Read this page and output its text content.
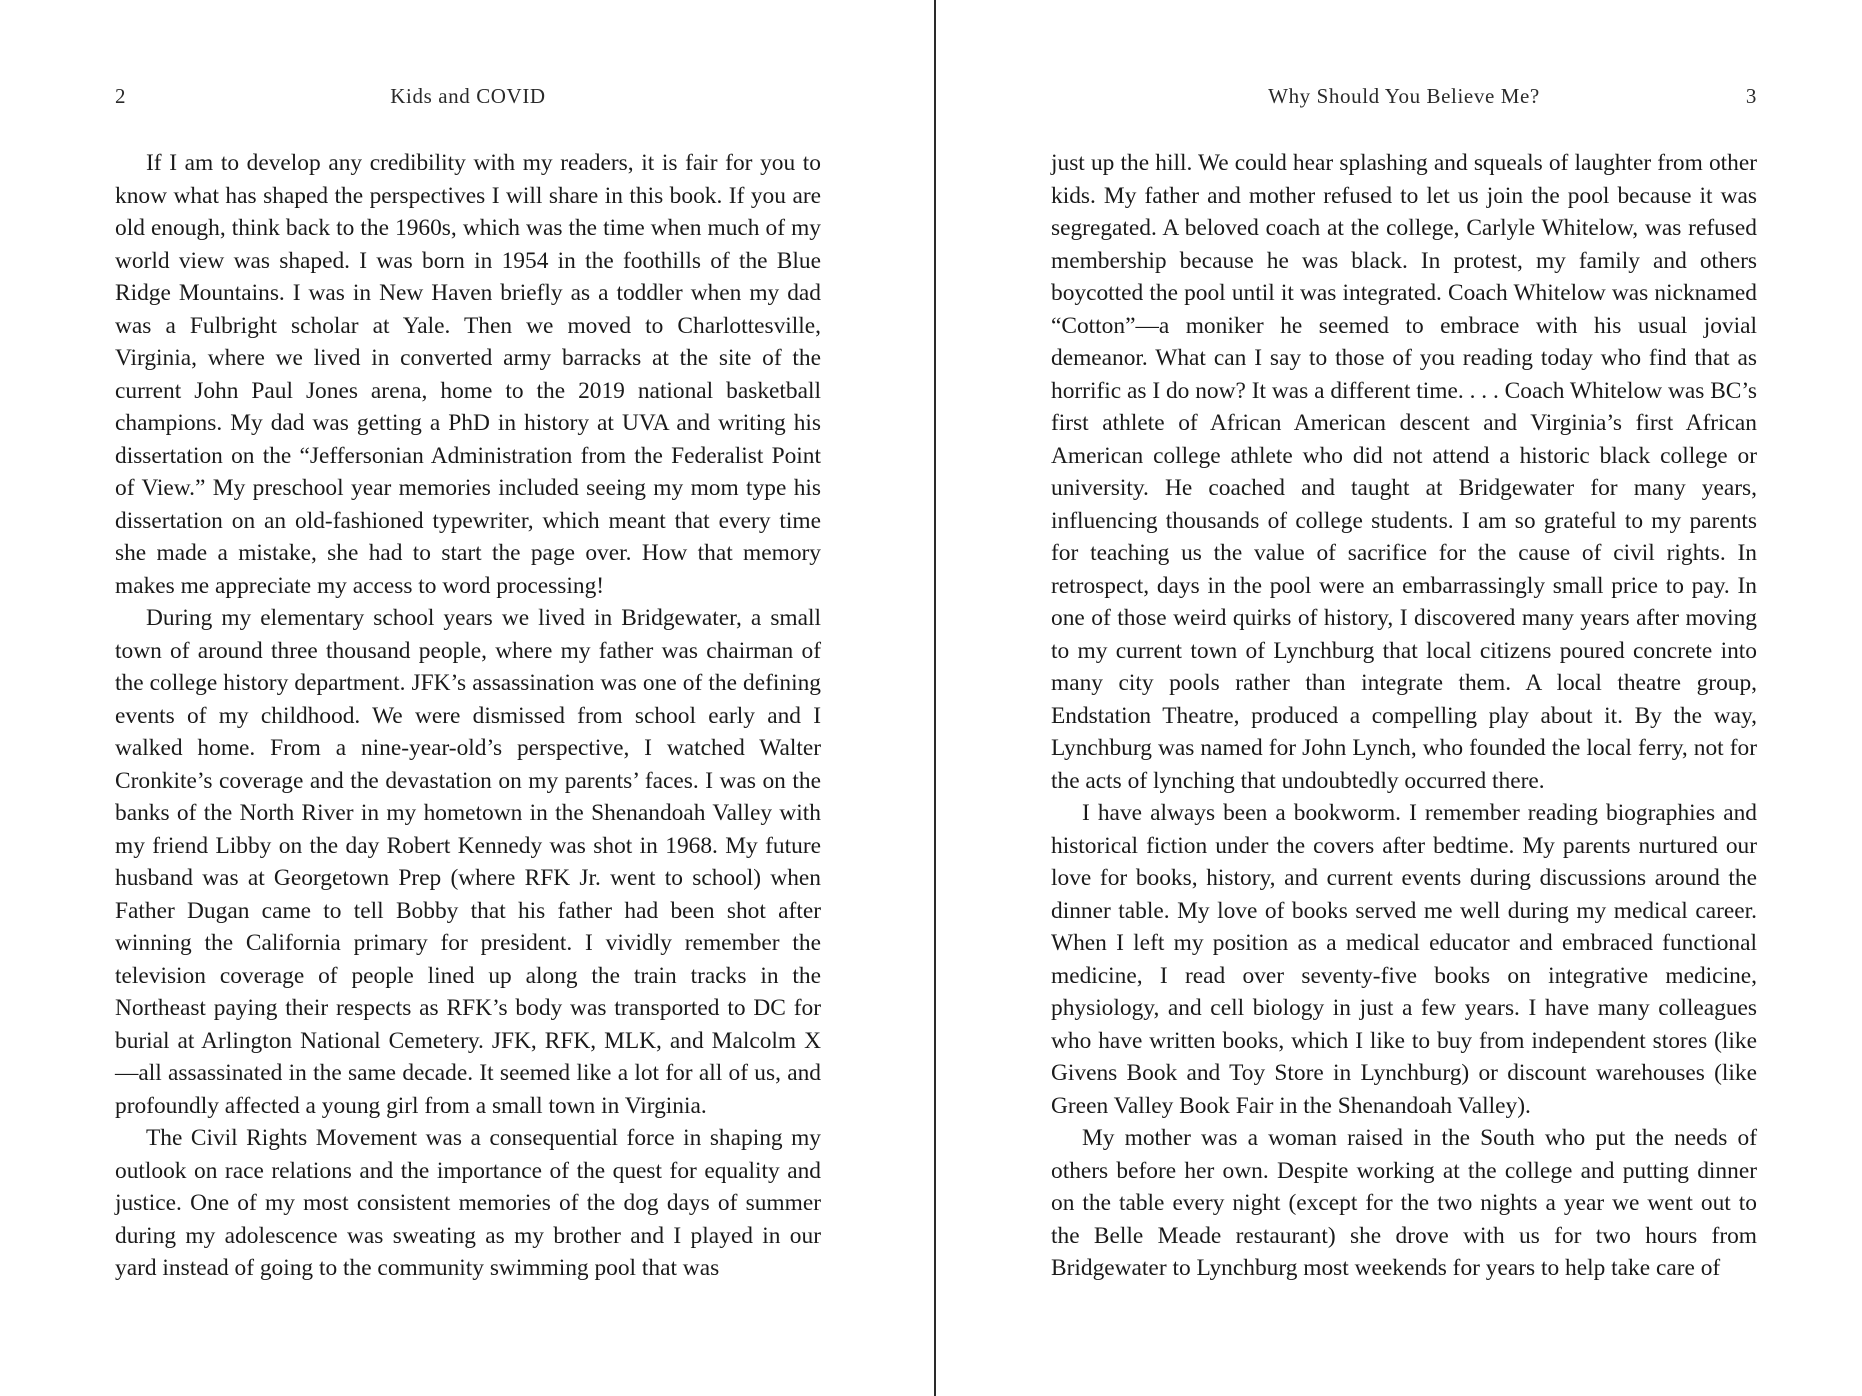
2	Kids and COVID

If I am to develop any credibility with my readers, it is fair for you to know what has shaped the perspectives I will share in this book. If you are old enough, think back to the 1960s, which was the time when much of my world view was shaped. I was born in 1954 in the foothills of the Blue Ridge Mountains. I was in New Haven briefly as a toddler when my dad was a Fulbright scholar at Yale. Then we moved to Charlottesville, Virginia, where we lived in converted army barracks at the site of the current John Paul Jones arena, home to the 2019 national basketball champions. My dad was getting a PhD in history at UVA and writing his dissertation on the “Jeffersonian Administration from the Federalist Point of View.” My preschool year memories included seeing my mom type his dissertation on an old-fashioned typewriter, which meant that every time she made a mistake, she had to start the page over. How that memory makes me appreciate my access to word processing!

During my elementary school years we lived in Bridgewater, a small town of around three thousand people, where my father was chairman of the college history department. JFK’s assassination was one of the defining events of my childhood. We were dismissed from school early and I walked home. From a nine-year-old’s perspective, I watched Walter Cronkite’s coverage and the devastation on my parents’ faces. I was on the banks of the North River in my hometown in the Shenandoah Valley with my friend Libby on the day Robert Kennedy was shot in 1968. My future husband was at Georgetown Prep (where RFK Jr. went to school) when Father Dugan came to tell Bobby that his father had been shot after winning the California primary for president. I vividly remember the television coverage of people lined up along the train tracks in the Northeast paying their respects as RFK’s body was transported to DC for burial at Arlington National Cemetery. JFK, RFK, MLK, and Malcolm X—all assassinated in the same decade. It seemed like a lot for all of us, and profoundly affected a young girl from a small town in Virginia.

The Civil Rights Movement was a consequential force in shaping my outlook on race relations and the importance of the quest for equality and justice. One of my most consistent memories of the dog days of summer during my adolescence was sweating as my brother and I played in our yard instead of going to the community swimming pool that was

Why Should You Believe Me?	3

just up the hill. We could hear splashing and squeals of laughter from other kids. My father and mother refused to let us join the pool because it was segregated. A beloved coach at the college, Carlyle Whitelow, was refused membership because he was black. In protest, my family and others boycotted the pool until it was integrated. Coach Whitelow was nicknamed “Cotton”—a moniker he seemed to embrace with his usual jovial demeanor. What can I say to those of you reading today who find that as horrific as I do now? It was a different time. . . . Coach Whitelow was BC’s first athlete of African American descent and Virginia’s first African American college athlete who did not attend a historic black college or university. He coached and taught at Bridgewater for many years, influencing thousands of college students. I am so grateful to my parents for teaching us the value of sacrifice for the cause of civil rights. In retrospect, days in the pool were an embarrassingly small price to pay. In one of those weird quirks of history, I discovered many years after moving to my current town of Lynchburg that local citizens poured concrete into many city pools rather than integrate them. A local theatre group, Endstation Theatre, produced a compelling play about it. By the way, Lynchburg was named for John Lynch, who founded the local ferry, not for the acts of lynching that undoubtedly occurred there.

I have always been a bookworm. I remember reading biographies and historical fiction under the covers after bedtime. My parents nurtured our love for books, history, and current events during discussions around the dinner table. My love of books served me well during my medical career. When I left my position as a medical educator and embraced functional medicine, I read over seventy-five books on integrative medicine, physiology, and cell biology in just a few years. I have many colleagues who have written books, which I like to buy from independent stores (like Givens Book and Toy Store in Lynchburg) or discount warehouses (like Green Valley Book Fair in the Shenandoah Valley).

My mother was a woman raised in the South who put the needs of others before her own. Despite working at the college and putting dinner on the table every night (except for the two nights a year we went out to the Belle Meade restaurant) she drove with us for two hours from Bridgewater to Lynchburg most weekends for years to help take care of
